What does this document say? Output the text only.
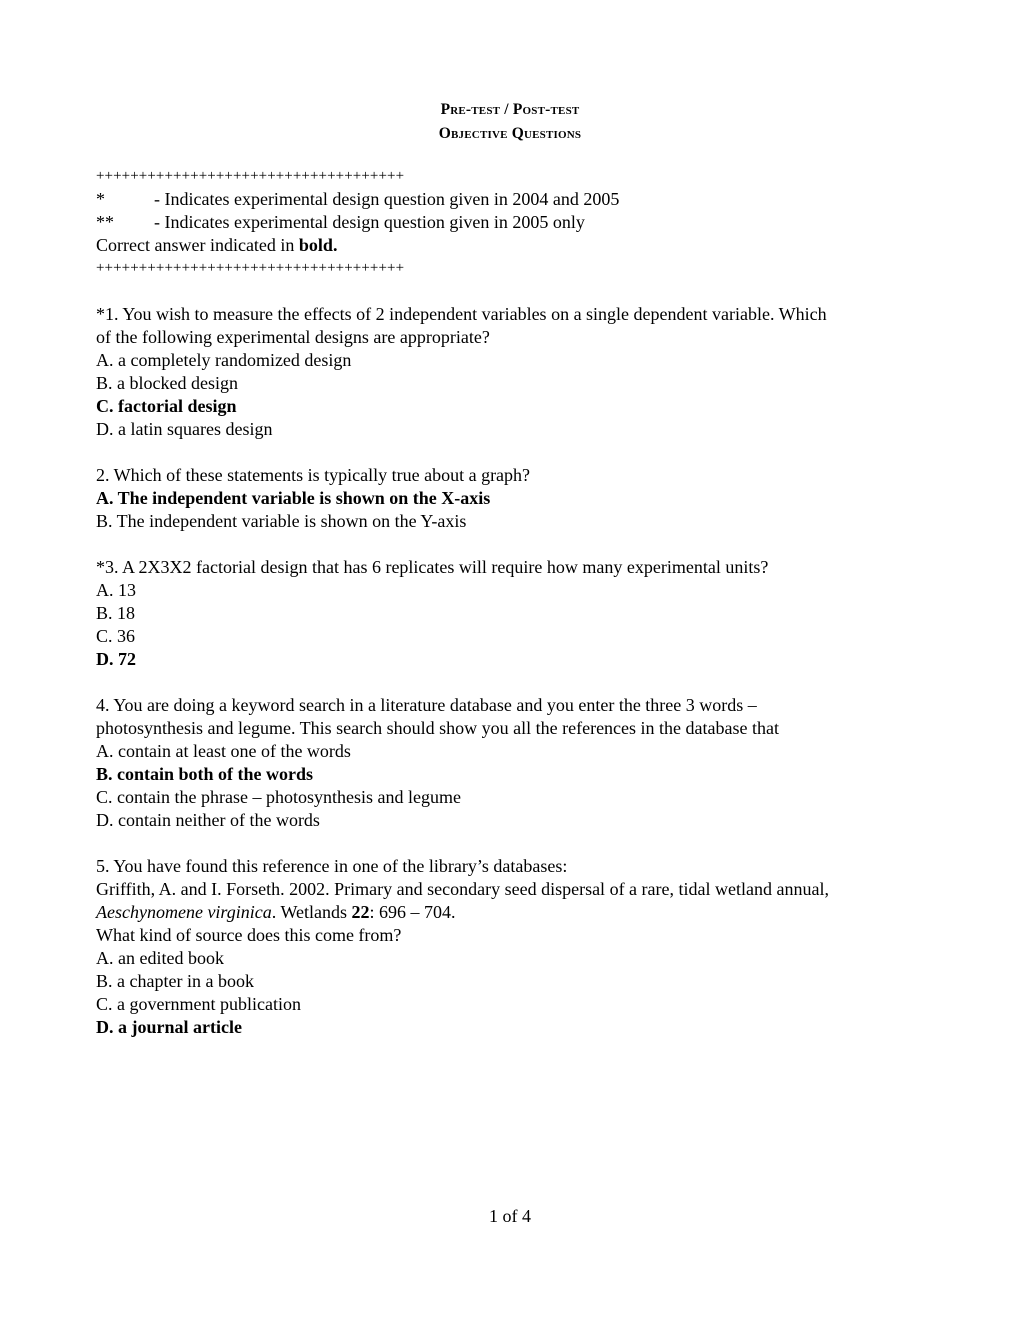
Pre-test / Post-test
Objective Questions
++++++++++++++++++++++++++++++++++++
*	- Indicates experimental design question given in 2004 and 2005
**	- Indicates experimental design question given in 2005 only
Correct answer indicated in bold.
++++++++++++++++++++++++++++++++++++
*1. You wish to measure the effects of 2 independent variables on a single dependent variable. Which
of the following experimental designs are appropriate?
A. a completely randomized design
B. a blocked design
C. factorial design
D. a latin squares design
2. Which of these statements is typically true about a graph?
A. The independent variable is shown on the X-axis
B. The independent variable is shown on the Y-axis
*3. A 2X3X2 factorial design that has 6 replicates will require how many experimental units?
A. 13
B. 18
C. 36
D. 72
4. You are doing a keyword search in a literature database and you enter the three 3 words –
photosynthesis and legume. This search should show you all the references in the database that
A. contain at least one of the words
B. contain both of the words
C. contain the phrase – photosynthesis and legume
D. contain neither of the words
5. You have found this reference in one of the library’s databases:
Griffith, A. and I. Forseth. 2002. Primary and secondary seed dispersal of a rare, tidal wetland annual,
Aeschynomene virginica. Wetlands 22: 696 – 704.
What kind of source does this come from?
A. an edited book
B. a chapter in a book
C. a government publication
D. a journal article
1 of 4
